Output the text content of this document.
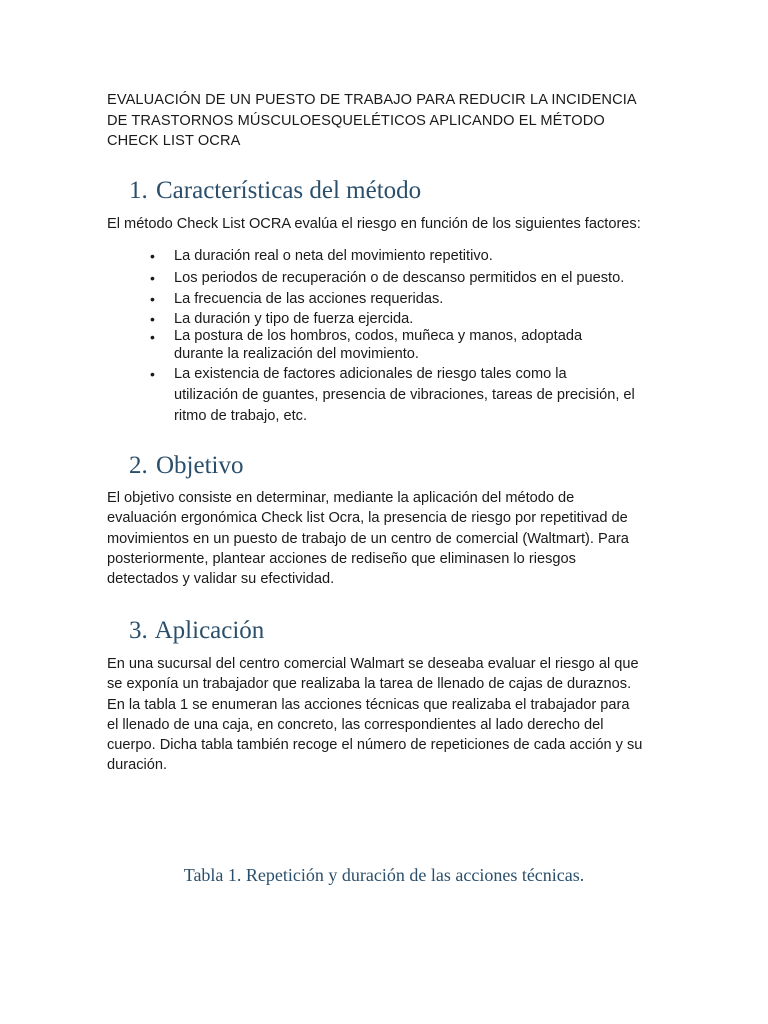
EVALUACIÓN DE UN PUESTO DE TRABAJO PARA REDUCIR LA INCIDENCIA
DE TRASTORNOS MÚSCULOESQUELÉTICOS APLICANDO EL MÉTODO
CHECK LIST OCRA
1. Características del método
El método Check List OCRA evalúa el riesgo en función de los siguientes factores:
• La duración real o neta del movimiento repetitivo.
• Los periodos de recuperación o de descanso permitidos en el puesto.
• La frecuencia de las acciones requeridas.
• La duración y tipo de fuerza ejercida.
• La postura de los hombros, codos, muñeca y manos, adoptada
durante la realización del movimiento.
• La existencia de factores adicionales de riesgo tales como la
utilización de guantes, presencia de vibraciones, tareas de precisión, el
ritmo de trabajo, etc.
2. Objetivo
El objetivo consiste en determinar, mediante la aplicación del método de
evaluación ergonómica Check list Ocra, la presencia de riesgo por repetitivad de
movimientos en un puesto de trabajo de un centro de comercial (Waltmart). Para
posteriormente, plantear acciones de rediseño que eliminasen lo riesgos
detectados y validar su efectividad.
3. Aplicación
En una sucursal del centro comercial Walmart se deseaba evaluar el riesgo al que
se exponía un trabajador que realizaba la tarea de llenado de cajas de duraznos.
En la tabla 1 se enumeran las acciones técnicas que realizaba el trabajador para
el llenado de una caja, en concreto, las correspondientes al lado derecho del
cuerpo. Dicha tabla también recoge el número de repeticiones de cada acción y su
duración.
Tabla 1. Repetición y duración de las acciones técnicas.
